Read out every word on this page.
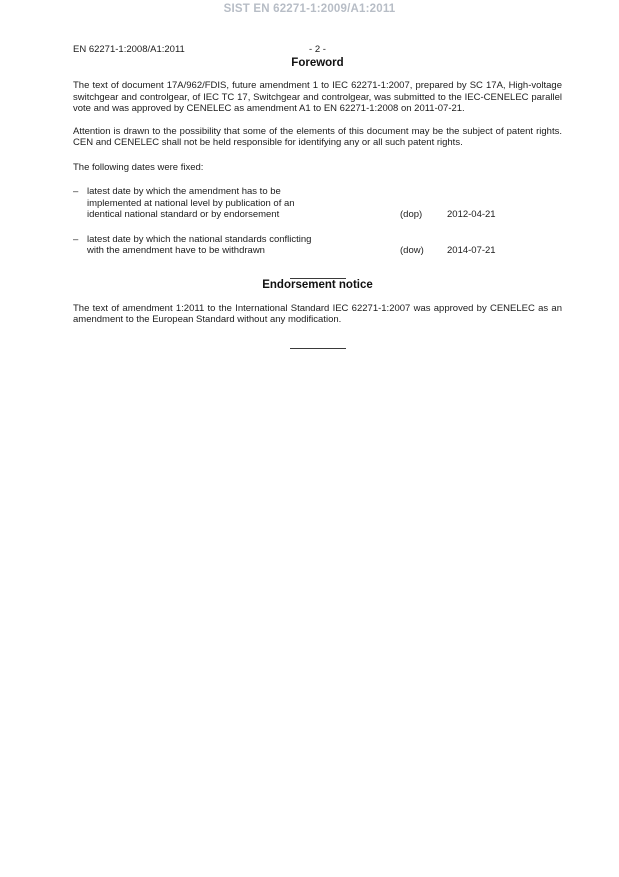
SIST EN 62271-1:2009/A1:2011
EN 62271-1:2008/A1:2011	- 2 -
Foreword

The text of document 17A/962/FDIS, future amendment 1 to IEC 62271-1:2007, prepared by SC 17A, High-voltage switchgear and controlgear, of IEC TC 17, Switchgear and controlgear, was submitted to the IEC-CENELEC parallel vote and was approved by CENELEC as amendment A1 to EN 62271-1:2008 on 2011-07-21.

Attention is drawn to the possibility that some of the elements of this document may be the subject of patent rights. CEN and CENELEC shall not be held responsible for identifying any or all such patent rights.

The following dates were fixed:

– latest date by which the amendment has to be implemented at national level by publication of an identical national standard or by endorsement	(dop)	2012-04-21
– latest date by which the national standards conflicting with the amendment have to be withdrawn	(dow)	2014-07-21
Endorsement notice

The text of amendment 1:2011 to the International Standard IEC 62271-1:2007 was approved by CENELEC as an amendment to the European Standard without any modification.
